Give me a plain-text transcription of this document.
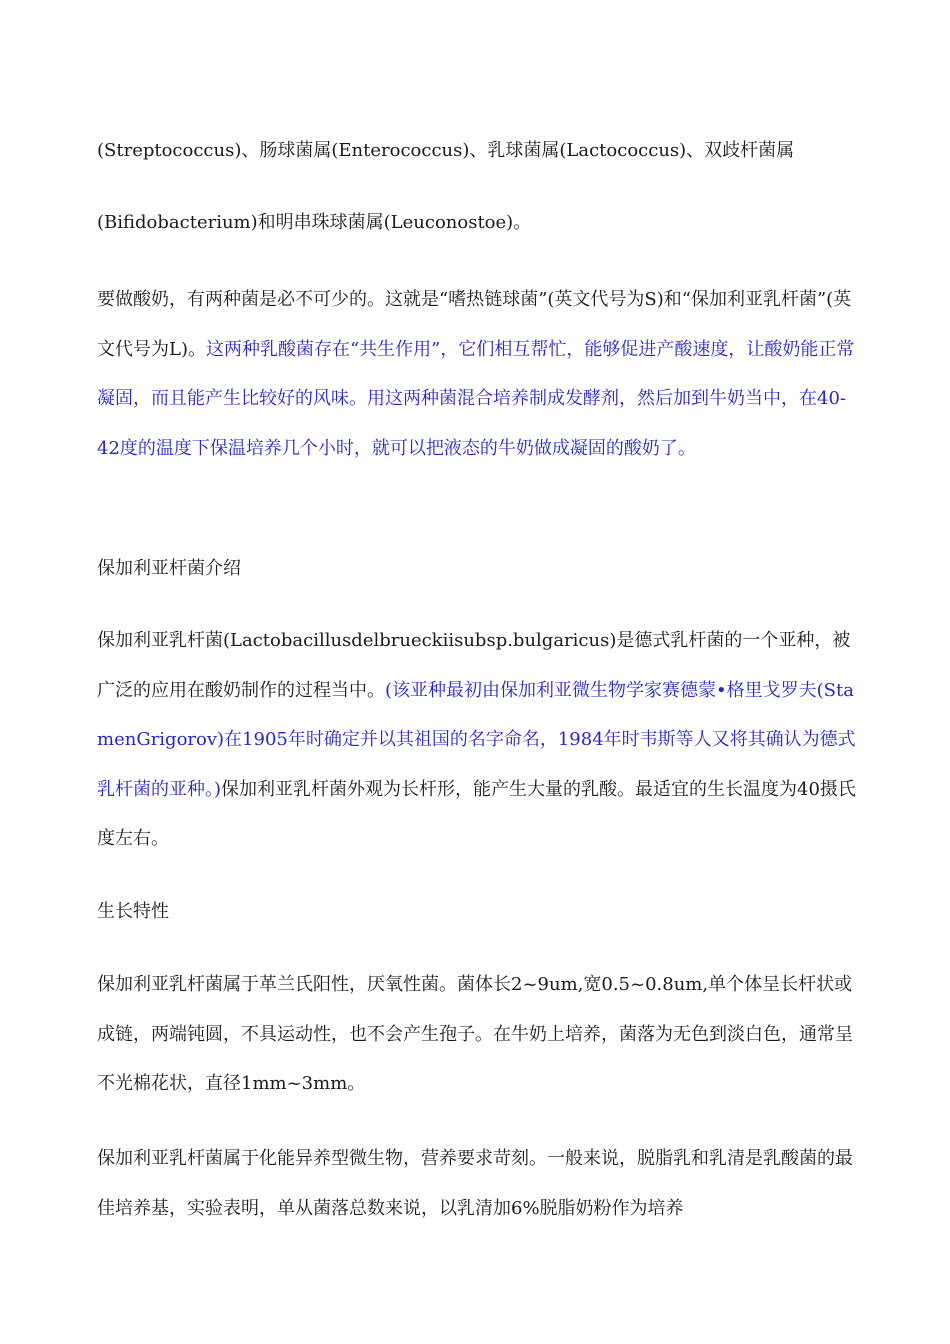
(Streptococcus)、肠球菌属(Enterococcus)、乳球菌属(Lactococcus)、双歧杆菌属

(Bifidobacterium)和明串珠球菌属(Leuconostoe)。

要做酸奶，有两种菌是必不可少的。这就是“嗜热链球菌”(英文代号为S)和“保加利亚乳杆菌”(英文代号为L)。这两种乳酸菌存在“共生作用”，它们相互帮忙，能够促进产酸速度，让酸奶能正常凝固，而且能产生比较好的风味。用这两种菌混合培养制成发酵剂，然后加到牛奶当中，在40-42度的温度下保温培养几个小时，就可以把液态的牛奶做成凝固的酸奶了。

保加利亚杆菌介绍

保加利亚乳杆菌(Lactobacillusdelbrueckiisubsp.bulgaricus)是德式乳杆菌的一个亚种，被广泛的应用在酸奶制作的过程当中。(该亚种最初由保加利亚微生物学家赛德蒙•格里戈罗夫(StamenGrigorov)在1905年时确定并以其祖国的名字命名，1984年时韦斯等人又将其确认为德式乳杆菌的亚种。)保加利亚乳杆菌外观为长杆形，能产生大量的乳酸。最适宜的生长温度为40摄氏度左右。

生长特性

保加利亚乳杆菌属于革兰氏阳性，厌氧性菌。菌体长2~9um,宽0.5~0.8um,单个体呈长杆状或成链，两端钝圆，不具运动性，也不会产生孢子。在牛奶上培养，菌落为无色到淡白色，通常呈不光棉花状，直径1mm~3mm。

保加利亚乳杆菌属于化能异养型微生物，营养要求苛刻。一般来说，脱脂乳和乳清是乳酸菌的最佳培养基，实验表明，单从菌落总数来说，以乳清加6%脱脂奶粉作为培养
